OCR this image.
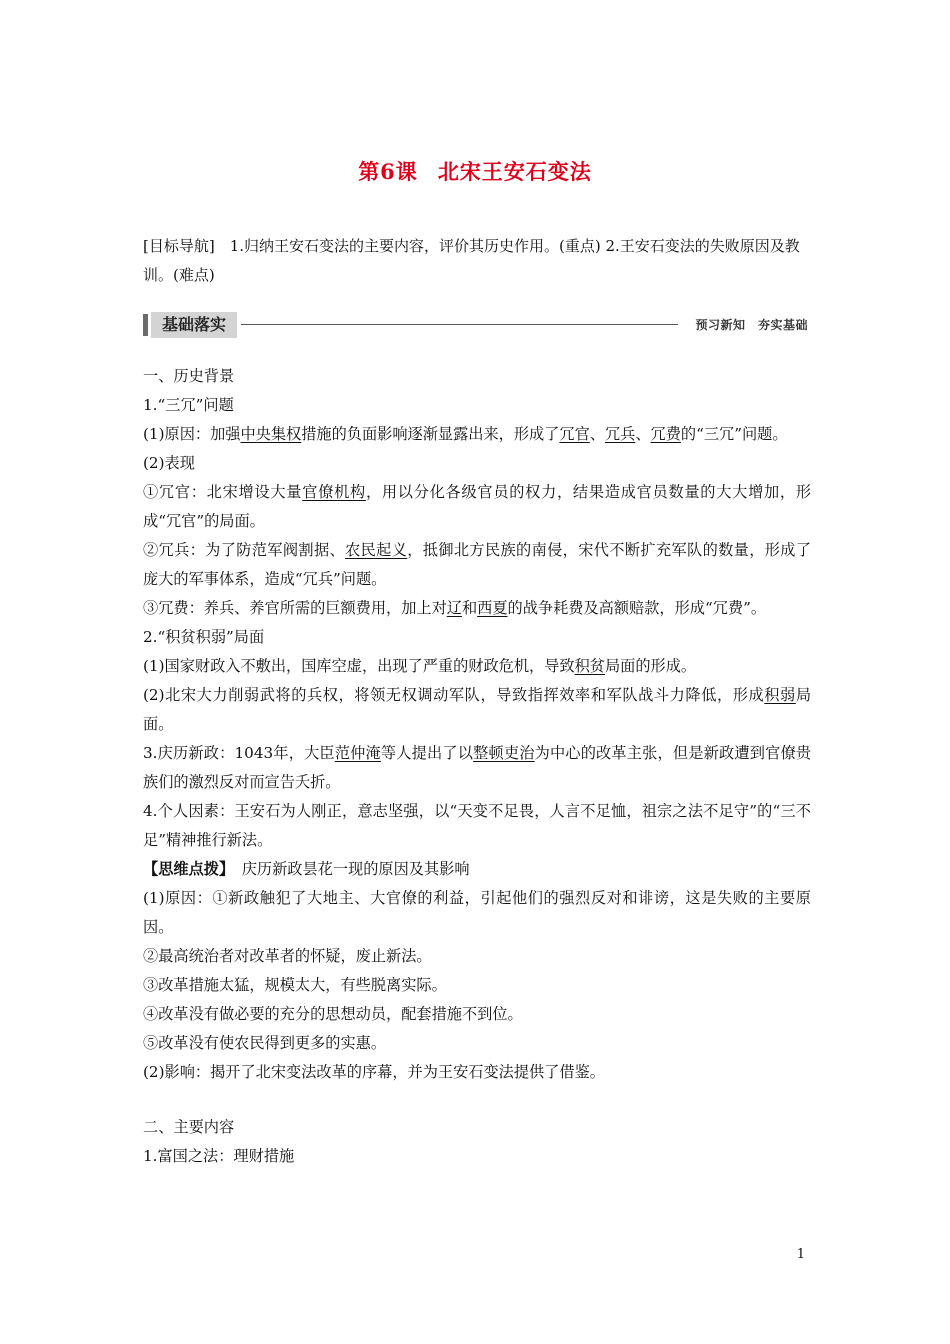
第6课 北宋王安石变法
[目标导航]　1.归纳王安石变法的主要内容，评价其历史作用。(重点) 2.王安石变法的失败原因及教训。(难点)
基础落实	预习新知　夯实基础

一、历史背景

1.“三冗”问题

(1)原因：加强中央集权措施的负面影响逐渐显露出来，形成了冗官、冗兵、冗费的“三冗”问题。

(2)表现

①冗官：北宋增设大量官僚机构，用以分化各级官员的权力，结果造成官员数量的大大增加，形成“冗官”的局面。

②冗兵：为了防范军阀割据、农民起义，抵御北方民族的南侵，宋代不断扩充军队的数量，形成了庞大的军事体系，造成“冗兵”问题。

③冗费：养兵、养官所需的巨额费用，加上对辽和西夏的战争耗费及高额赔款，形成“冗费”。

2.“积贫积弱”局面

(1)国家财政入不敷出，国库空虚，出现了严重的财政危机，导致积贫局面的形成。

(2)北宋大力削弱武将的兵权，将领无权调动军队，导致指挥效率和军队战斗力降低，形成积弱局面。

3.庆历新政：1043年，大臣范仲淹等人提出了以整顿吏治为中心的改革主张，但是新政遭到官僚贵族们的激烈反对而宣告夭折。

4.个人因素：王安石为人刚正，意志坚强，以“天变不足畏，人言不足恤，祖宗之法不足守”的“三不足”精神推行新法。

【思维点拨】　庆历新政昙花一现的原因及其影响

(1)原因：①新政触犯了大地主、大官僚的利益，引起他们的强烈反对和诽谤，这是失败的主要原因。

②最高统治者对改革者的怀疑，废止新法。

③改革措施太猛，规模太大，有些脱离实际。

④改革没有做必要的充分的思想动员，配套措施不到位。

⑤改革没有使农民得到更多的实惠。

(2)影响：揭开了北宋变法改革的序幕，并为王安石变法提供了借鉴。

二、主要内容

1.富国之法：理财措施

1
